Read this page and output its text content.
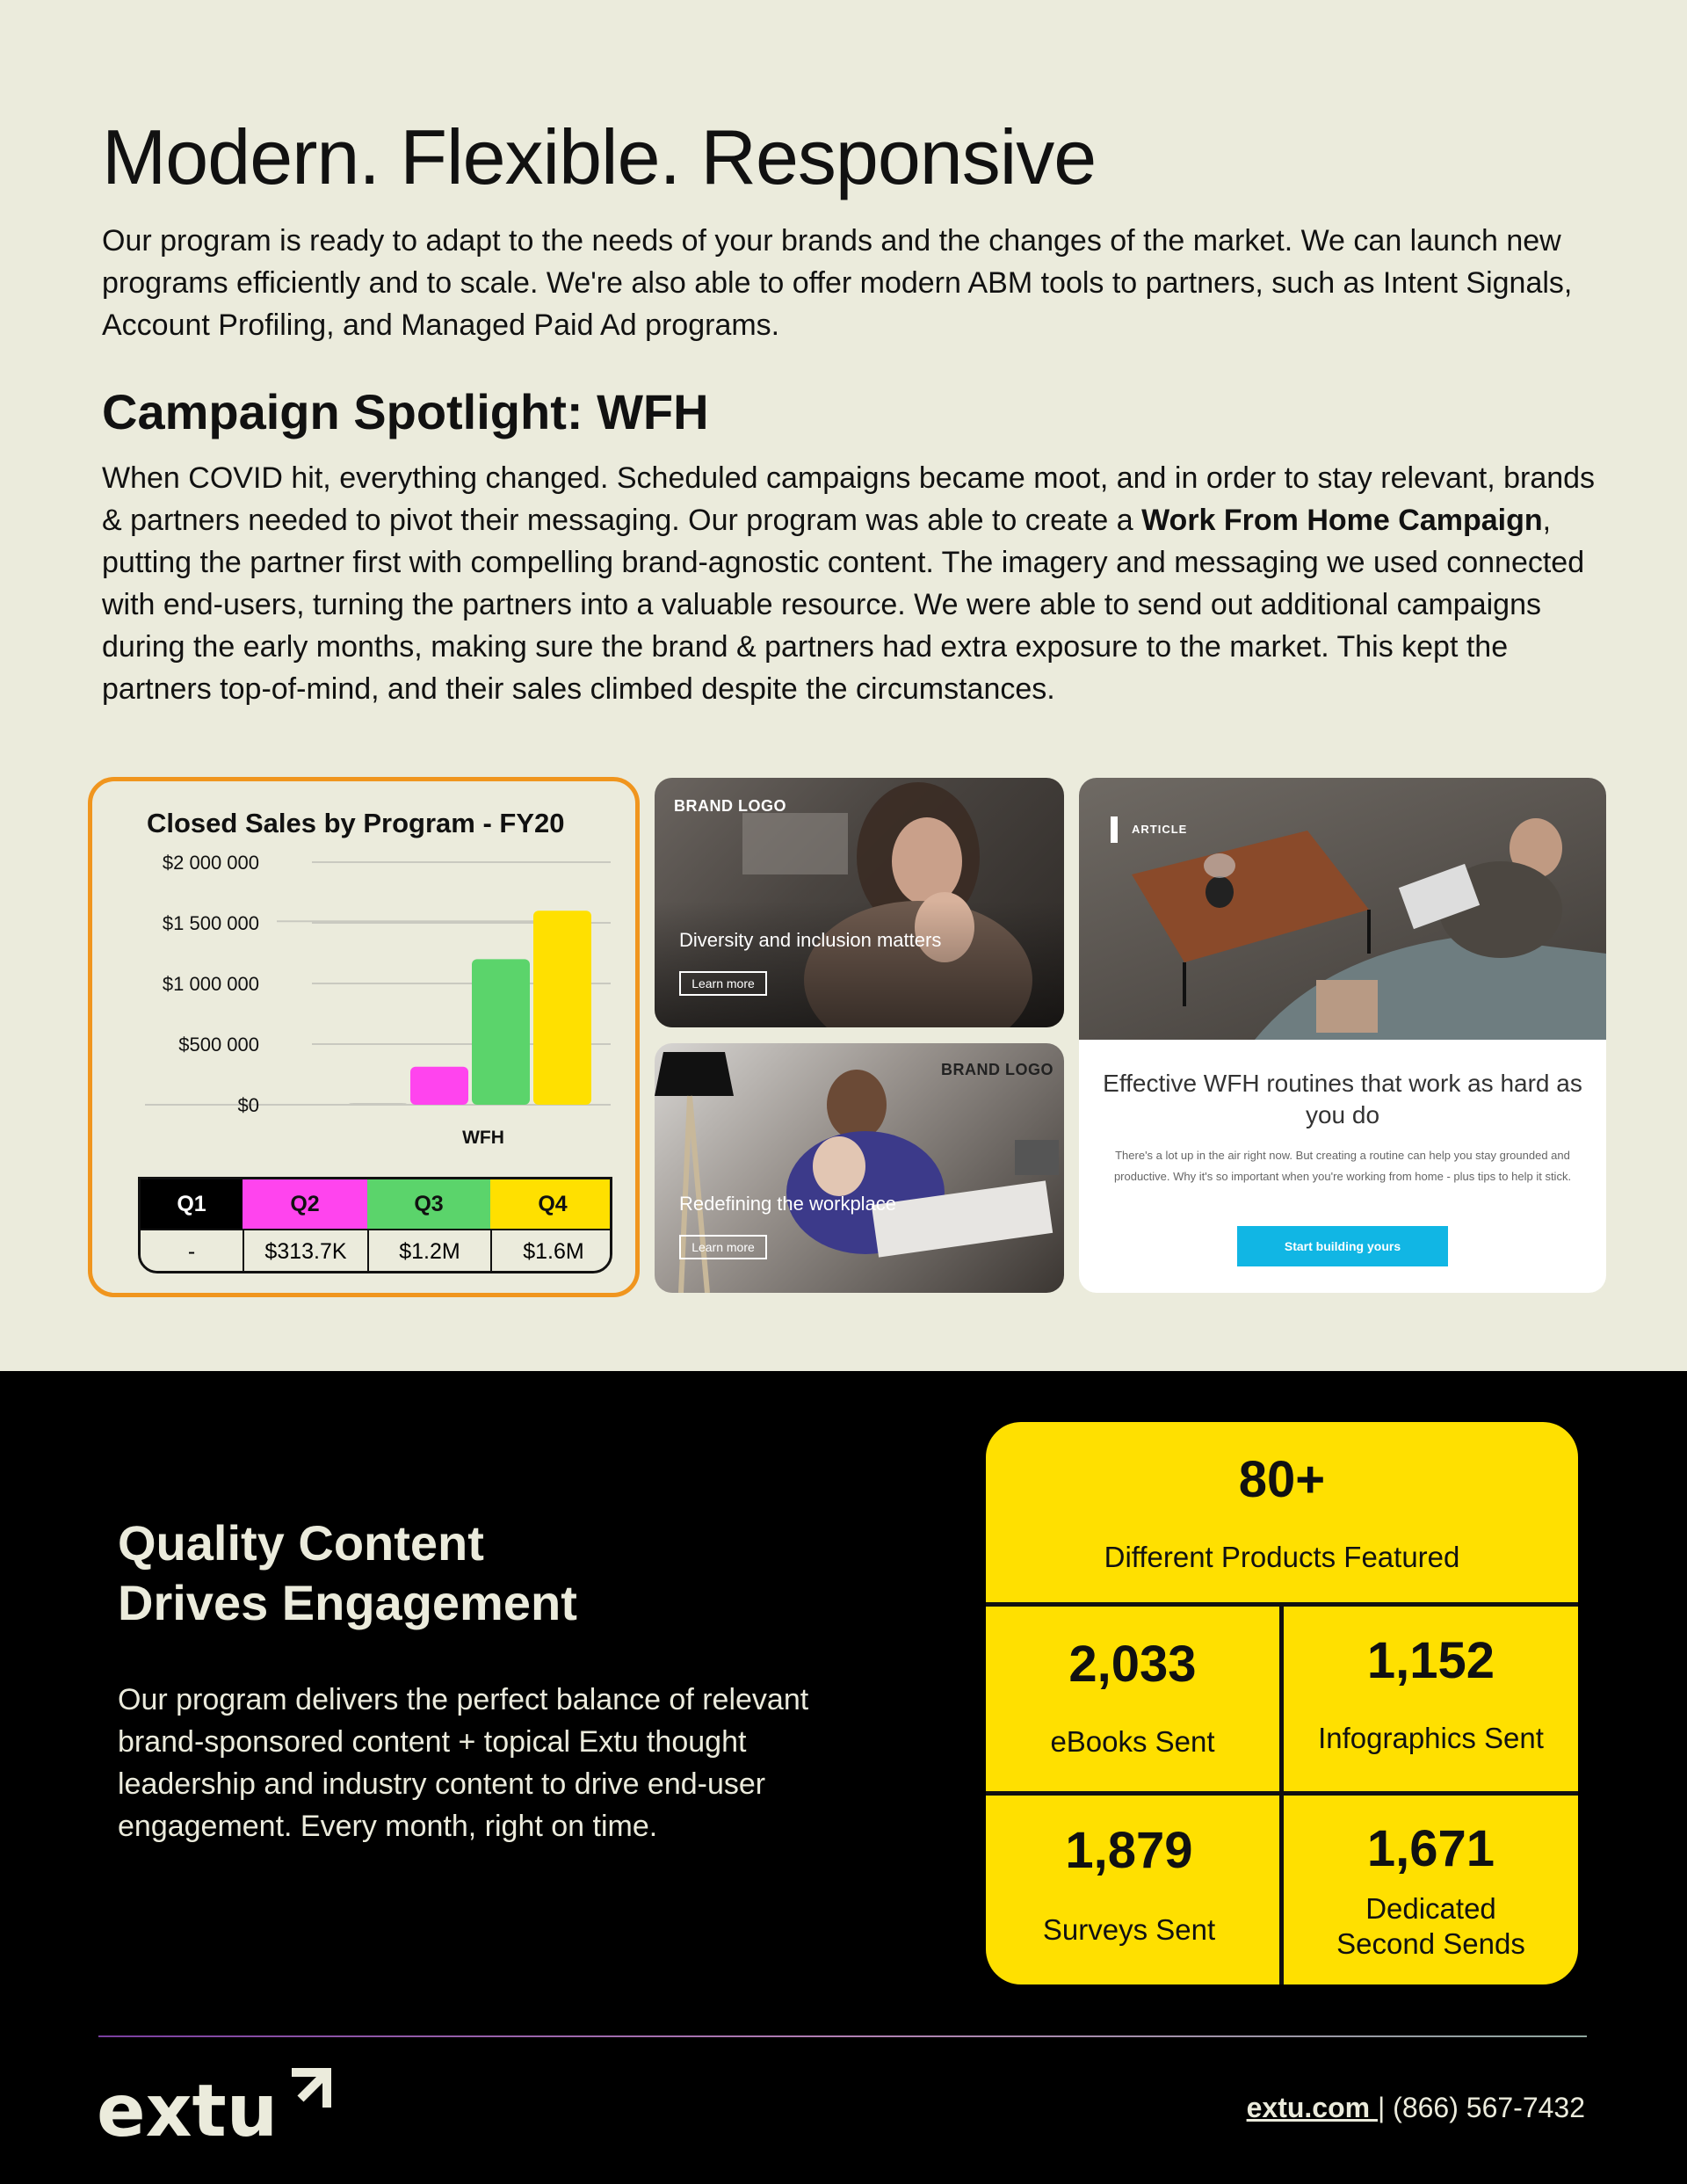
Modern. Flexible. Responsive

Our program is ready to adapt to the needs of your brands and the changes of the market. We can launch new programs efficiently and to scale. We're also able to offer modern ABM tools to partners, such as Intent Signals, Account Profiling, and Managed Paid Ad programs.

Campaign Spotlight: WFH

When COVID hit, everything changed. Scheduled campaigns became moot, and in order to stay relevant, brands & partners needed to pivot their messaging. Our program was able to create a Work From Home Campaign, putting the partner first with compelling brand-agnostic content. The imagery and messaging we used connected with end-users, turning the partners into a valuable resource. We were able to send out additional campaigns during the early months, making sure the brand & partners had extra exposure to the market. This kept the partners top-of-mind, and their sales climbed despite the circumstances.

Closed Sales by Program - FY20
$2 000 000
$1 500 000
$1 000 000
$500 000
$0
WFH
Q1	Q2	Q3	Q4
-	$313.7K	$1.2M	$1.6M
BRAND LOGO
Diversity and inclusion matters
Learn more
BRAND LOGO
Redefining the workplace
Learn more
ARTICLE
Effective WFH routines that work as hard as you do
There's a lot up in the air right now. But creating a routine can help you stay grounded and productive. Why it's so important when you're working from home - plus tips to help it stick.
Start building yours
Quality Content
Drives Engagement

Our program delivers the perfect balance of relevant brand-sponsored content + topical Extu thought leadership and industry content to drive end-user engagement. Every month, right on time.

80+
Different Products Featured
2,033
eBooks Sent
1,152
Infographics Sent
1,879
Surveys Sent
1,671
Dedicated
Second Sends
extu	extu.com | (866) 567-7432
